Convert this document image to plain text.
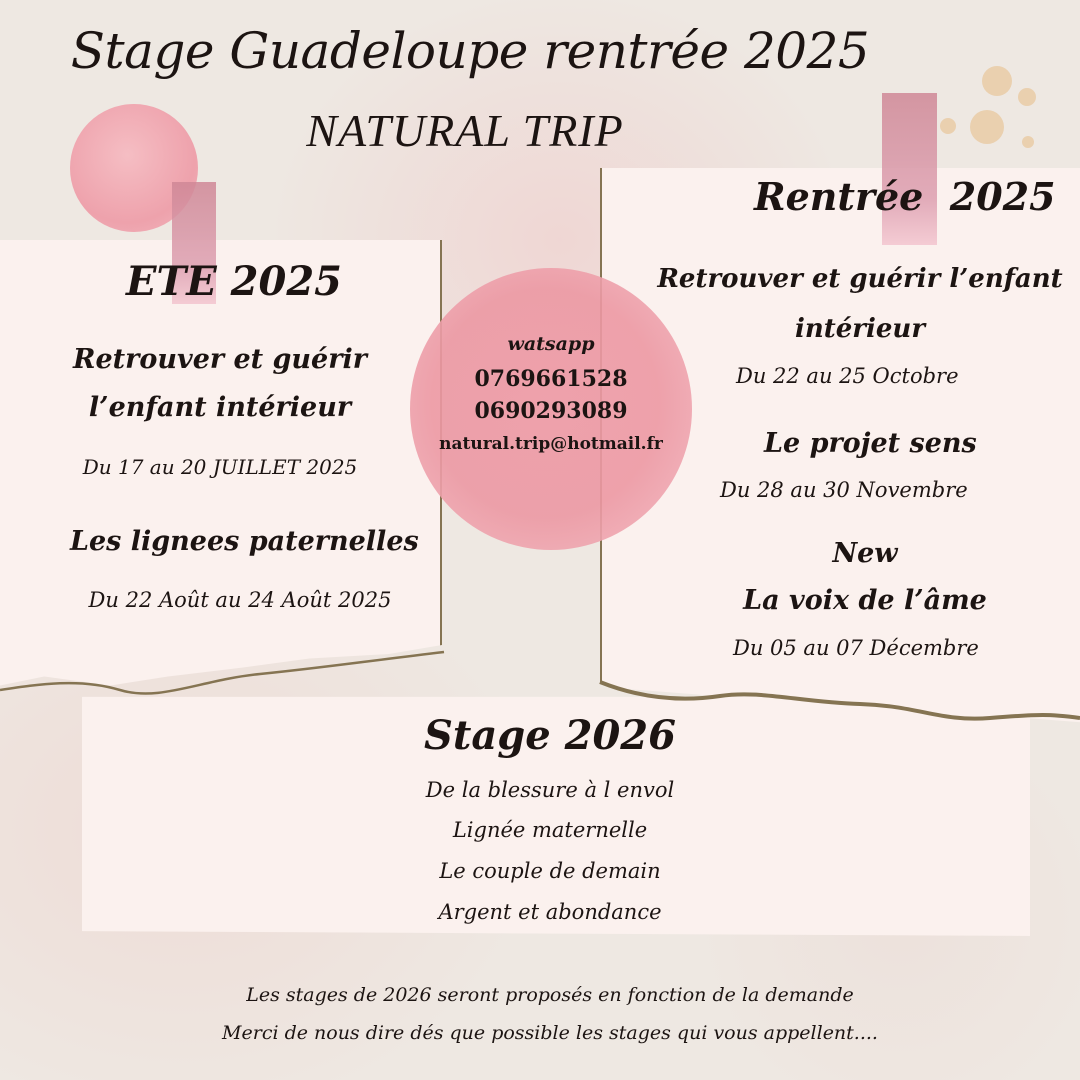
Stage Guadeloupe rentrée 2025
NATURAL TRIP
ETE 2025
Retrouver et guérir
l’enfant intérieur
Du 17 au 20 JUILLET 2025
Les lignees paternelles
Du 22 Août au 24 Août 2025
watsapp
0769661528
0690293089
natural.trip@hotmail.fr
Rentrée  2025
Retrouver et guérir l’enfant
intérieur
Du 22 au 25 Octobre
Le projet sens
Du 28 au 30 Novembre
New
La voix de l’âme
Du 05 au 07 Décembre
Stage 2026
De la blessure à l envol
Lignée maternelle
Le couple de demain
Argent et abondance
Les stages de 2026 seront proposés en fonction de la demande
Merci de nous dire dés que possible les stages qui vous appellent....
